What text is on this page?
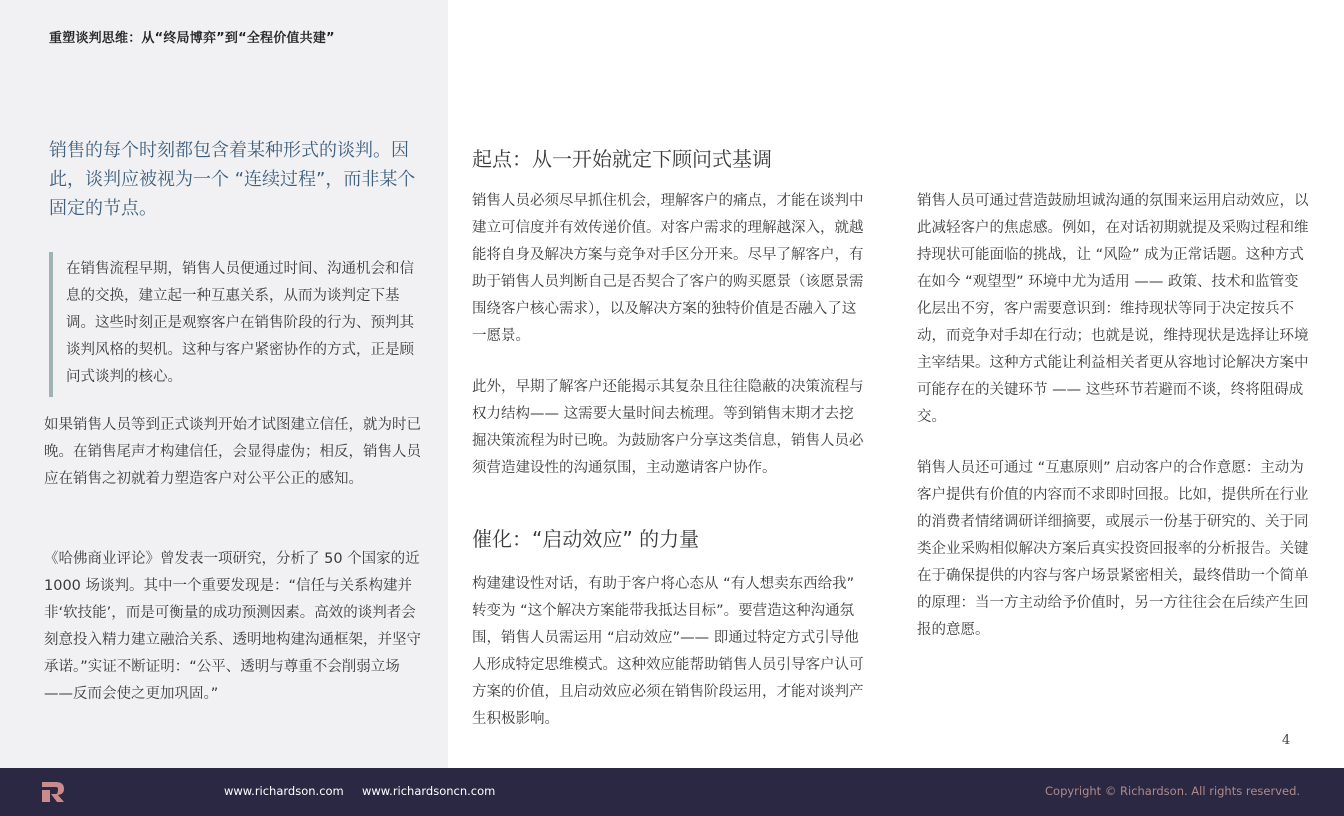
重塑谈判思维：从“终局博弈”到“全程价值共建”

销售的每个时刻都包含着某种形式的谈判。因此，谈判应被视为一个 “连续过程”，而非某个固定的节点。

在销售流程早期，销售人员便通过时间、沟通机会和信息的交换，建立起一种互惠关系，从而为谈判定下基调。这些时刻正是观察客户在销售阶段的行为、预判其谈判风格的契机。这种与客户紧密协作的方式，正是顾问式谈判的核心。

如果销售人员等到正式谈判开始才试图建立信任，就为时已晚。在销售尾声才构建信任，会显得虚伪；相反，销售人员应在销售之初就着力塑造客户对公平公正的感知。

《哈佛商业评论》曾发表一项研究，分析了 50 个国家的近 1000 场谈判。其中一个重要发现是：“信任与关系构建并非‘软技能’，而是可衡量的成功预测因素。高效的谈判者会刻意投入精力建立融洽关系、透明地构建沟通框架，并坚守承诺。”实证不断证明：“公平、透明与尊重不会削弱立场——反而会使之更加巩固。”

起点：从一开始就定下顾问式基调

销售人员必须尽早抓住机会，理解客户的痛点，才能在谈判中建立可信度并有效传递价值。对客户需求的理解越深入，就越能将自身及解决方案与竞争对手区分开来。尽早了解客户，有助于销售人员判断自己是否契合了客户的购买愿景（该愿景需围绕客户核心需求），以及解决方案的独特价值是否融入了这一愿景。

此外，早期了解客户还能揭示其复杂且往往隐蔽的决策流程与权力结构—— 这需要大量时间去梳理。等到销售末期才去挖掘决策流程为时已晚。为鼓励客户分享这类信息，销售人员必须营造建设性的沟通氛围，主动邀请客户协作。

催化：“启动效应” 的力量

构建建设性对话，有助于客户将心态从 “有人想卖东西给我” 转变为 “这个解决方案能带我抵达目标”。要营造这种沟通氛围，销售人员需运用 “启动效应”—— 即通过特定方式引导他人形成特定思维模式。这种效应能帮助销售人员引导客户认可方案的价值，且启动效应必须在销售阶段运用，才能对谈判产生积极影响。

销售人员可通过营造鼓励坦诚沟通的氛围来运用启动效应，以此减轻客户的焦虑感。例如，在对话初期就提及采购过程和维持现状可能面临的挑战，让 “风险” 成为正常话题。这种方式在如今 “观望型” 环境中尤为适用 —— 政策、技术和监管变化层出不穷，客户需要意识到：维持现状等同于决定按兵不动，而竞争对手却在行动；也就是说，维持现状是选择让环境主宰结果。这种方式能让利益相关者更从容地讨论解决方案中可能存在的关键环节 —— 这些环节若避而不谈，终将阻碍成交。

销售人员还可通过 “互惠原则” 启动客户的合作意愿：主动为客户提供有价值的内容而不求即时回报。比如，提供所在行业的消费者情绪调研详细摘要，或展示一份基于研究的、关于同类企业采购相似解决方案后真实投资回报率的分析报告。关键在于确保提供的内容与客户场景紧密相关，最终借助一个简单的原理：当一方主动给予价值时，另一方往往会在后续产生回报的意愿。

4
www.richardson.com www.richardsoncn.com	Copyright © Richardson. All rights reserved.
